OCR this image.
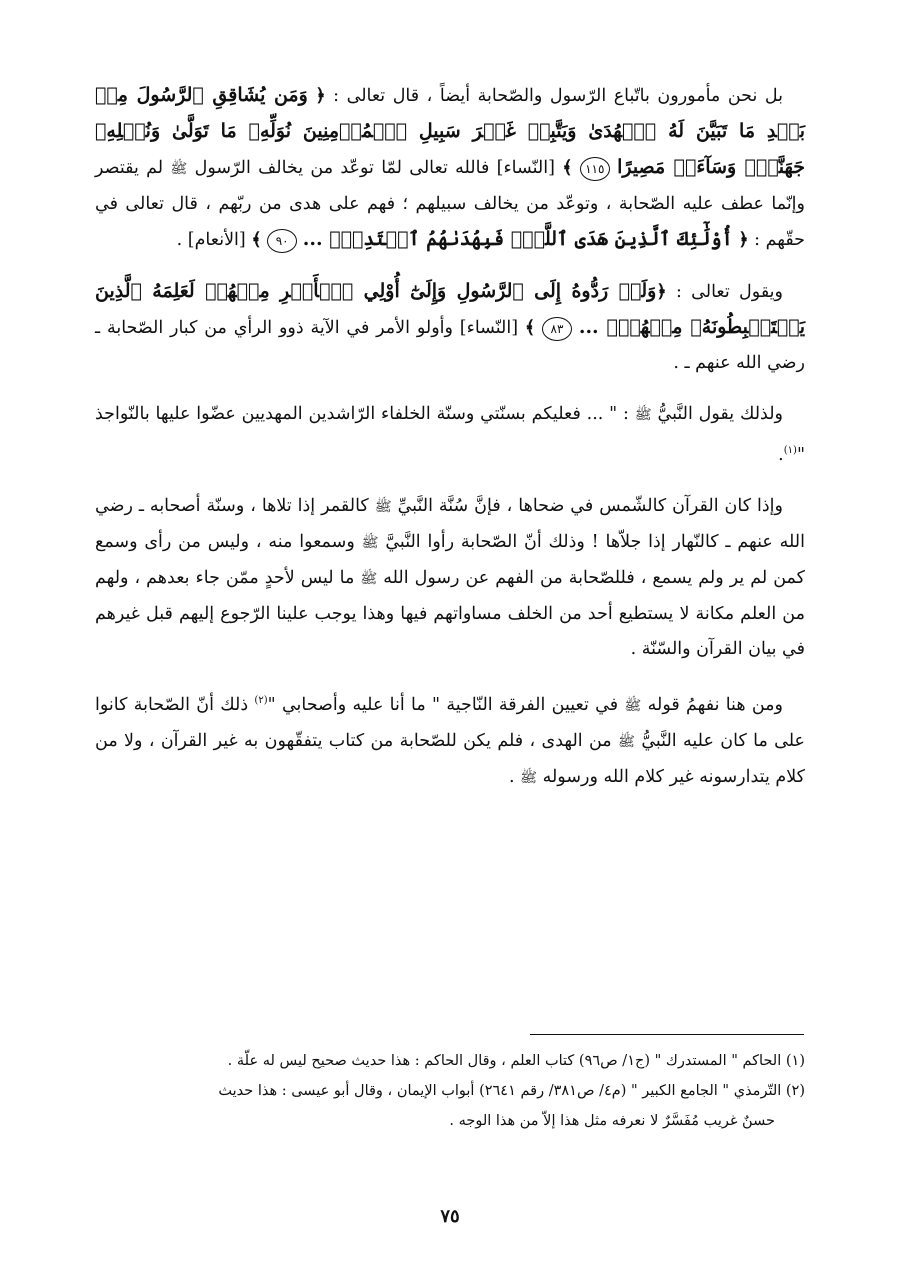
بل نحن مأمورون باتّباع الرّسول والصّحابة أيضاً ، قال تعالى : ﴿ وَمَن يُشَاقِقِ ٱلرَّسُولَ مِنۢ بَعۡدِ مَا تَبَيَّنَ لَهُ ٱلۡهُدَىٰ وَيَتَّبِعۡ غَيۡرَ سَبِيلِ ٱلۡمُؤۡمِنِينَ نُوَلِّهِۦ مَا تَوَلَّىٰ وَنُصۡلِهِۦ جَهَنَّمَۖ وَسَآءَتۡ مَصِيرًا ١١٥ ﴾ [النّساء] فالله تعالى لمّا توعّد من يخالف الرّسول ﷺ لم يقتصر وإنّما عطف عليه الصّحابة ، وتوعّد من يخالف سبيلهم ؛ فهم على هدى من ربّهم ، قال تعالى في حقّهم : ﴿ أُوْلَٰٓئِكَ ٱلَّذِينَ هَدَى ٱللَّهُۖ فَبِهُدَىٰهُمُ ٱقۡتَدِهۡۗ ... ٩٠ ﴾ [الأنعام] .

ويقول تعالى : ﴿وَلَوۡ رَدُّوهُ إِلَى ٱلرَّسُولِ وَإِلَىٰٓ أُوْلِي ٱلۡأَمۡرِ مِنۡهُمۡ لَعَلِمَهُ ٱلَّذِينَ يَسۡتَنۢبِطُونَهُۥ مِنۡهُمۡۗ ... ٨٣ ﴾ [النّساء] وأولو الأمر في الآية ذوو الرأي من كبار الصّحابة ـ رضي الله عنهم ـ .

ولذلك يقول النَّبيُّ ﷺ : " ... فعليكم بسنّتي وسنّة الخلفاء الرّاشدين المهديين عضّوا عليها بالنّواجذ "$^{(١)}$.

وإذا كان القرآن كالشّمس في ضحاها ، فإنَّ سُنَّة النَّبيِّ ﷺ كالقمر إذا تلاها ، وسنّة أصحابه ـ رضي الله عنهم ـ كالنّهار إذا جلاّها ! وذلك أنّ الصّحابة رأوا النَّبيَّ ﷺ وسمعوا منه ، وليس من رأى وسمع كمن لم ير ولم يسمع ، فللصّحابة من الفهم عن رسول الله ﷺ ما ليس لأحدٍ ممّن جاء بعدهم ، ولهم من العلم مكانة لا يستطيع أحد من الخلف مساواتهم فيها وهذا يوجب علينا الرّجوع إليهم قبل غيرهم في بيان القرآن والسّنّة .

ومن هنا نفهمُ قوله ﷺ في تعيين الفرقة النّاجية " ما أنا عليه وأصحابي "$^{(٢)}$ ذلك أنّ الصّحابة كانوا على ما كان عليه النَّبيُّ ﷺ من الهدى ، فلم يكن للصّحابة من كتاب يتفقّهون به غير القرآن ، ولا من كلام يتدارسونه غير كلام الله ورسوله ﷺ .

(١) الحاكم " المستدرك " (ج١/ ص٩٦) كتاب العلم ، وقال الحاكم : هذا حديث صحيح ليس له علّة .

(٢) التّرمذي " الجامع الكبير " (م٤/ ص٣٨١/ رقم ٢٦٤١) أبواب الإيمان ، وقال أبو عيسى : هذا حديث

حسنٌ غريب مُفَسَّرٌ لا نعرفه مثل هذا إلاّ من هذا الوجه .

٧٥
